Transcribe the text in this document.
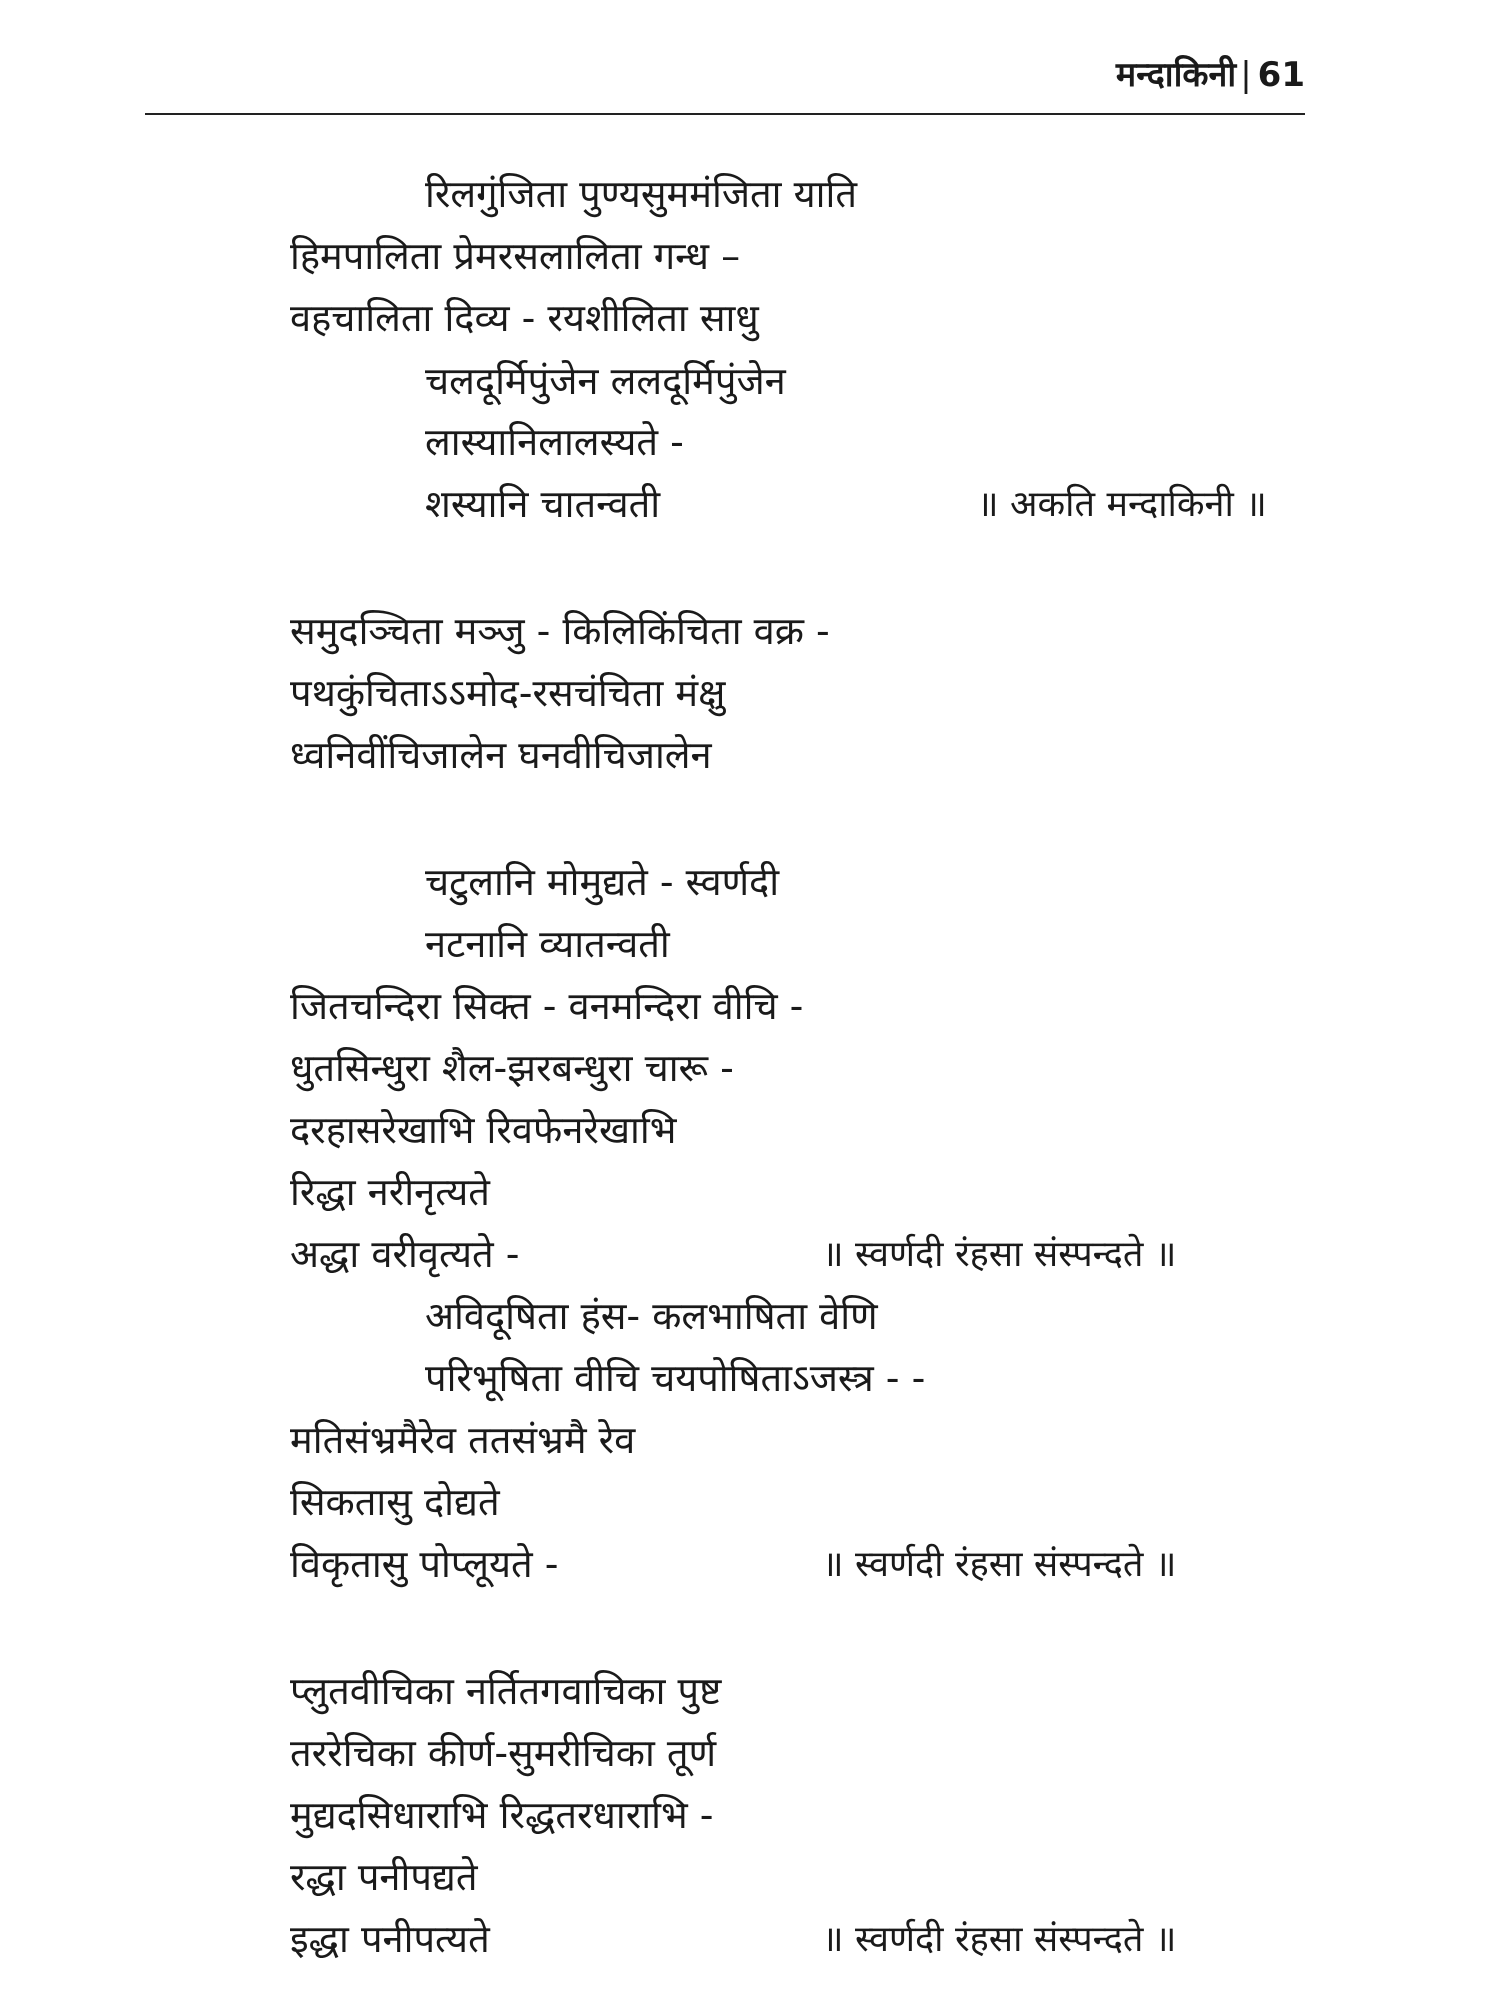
मन्दाकिनी | 61
रिलगुंजिता पुण्यसुममंजिता याति
हिमपालिता प्रेमरसलालिता गन्ध –
वहचालिता दिव्य - रयशीलिता साधु
चलदूर्मिपुंजेन ललदूर्मिपुंजेन
लास्यानिलालस्यते -
शस्यानि चातन्वती	॥ अकति मन्दाकिनी ॥
समुदञ्चिता मञ्जु - किलिकिंचिता वक्र -
पथकुंचिताऽऽमोद-रसचंचिता मंक्षु
ध्वनिवींचिजालेन घनवीचिजालेन
चटुलानि मोमुद्यते - स्वर्णदी
नटनानि व्यातन्वती
जितचन्दिरा सिक्त - वनमन्दिरा वीचि -
धुतसिन्धुरा शैल-झरबन्धुरा चारू -
दरहासरेखाभि रिवफेनरेखाभि
रिद्धा नरीनृत्यते
अद्धा वरीवृत्यते -	॥ स्वर्णदी रंहसा संस्पन्दते ॥
अविदूषिता हंस- कलभाषिता वेणि
परिभूषिता वीचि चयपोषिताऽजस्त्र - -
मतिसंभ्रमैरेव ततसंभ्रमै रेव
सिकतासु दोद्यते
विकृतासु पोप्लूयते -	॥ स्वर्णदी रंहसा संस्पन्दते ॥
प्लुतवीचिका नर्तितगवाचिका पुष्ट
तररेचिका कीर्ण-सुमरीचिका तूर्ण
मुद्यदसिधाराभि रिद्धतरधाराभि -
रद्धा पनीपद्यते
इद्धा पनीपत्यते	॥ स्वर्णदी रंहसा संस्पन्दते ॥
